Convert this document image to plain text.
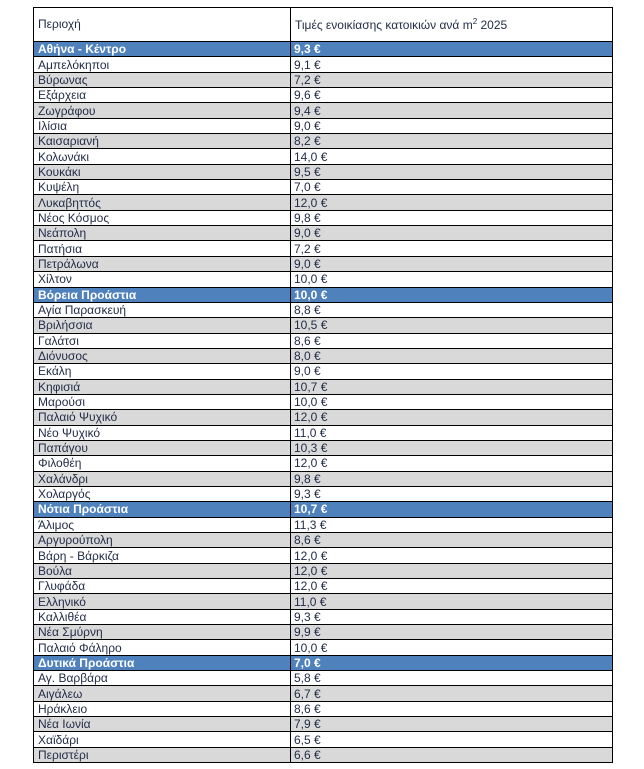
Περιοχή	Τιμές ενοικίασης κατοικιών ανά $m^2$ 2025
Αθήνα - Κέντρο	9,3 €
Αμπελόκηποι	9,1 €
Βύρωνας	7,2 €
Εξάρχεια	9,6 €
Ζωγράφου	9,4 €
Ιλίσια	9,0 €
Καισαριανή	8,2 €
Κολωνάκι	14,0 €
Κουκάκι	9,5 €
Κυψέλη	7,0 €
Λυκαβηττός	12,0 €
Νέος Κόσμος	9,8 €
Νεάπολη	9,0 €
Πατήσια	7,2 €
Πετράλωνα	9,0 €
Χίλτον	10,0 €
Βόρεια Προάστια	10,0 €
Αγία Παρασκευή	8,8 €
Βριλήσσια	10,5 €
Γαλάτσι	8,6 €
Διόνυσος	8,0 €
Εκάλη	9,0 €
Κηφισιά	10,7 €
Μαρούσι	10,0 €
Παλαιό Ψυχικό	12,0 €
Νέο Ψυχικό	11,0 €
Παπάγου	10,3 €
Φιλοθέη	12,0 €
Χαλάνδρι	9,8 €
Χολαργός	9,3 €
Νότια Προάστια	10,7 €
Άλιμος	11,3 €
Αργυρούπολη	8,6 €
Βάρη - Βάρκιζα	12,0 €
Βούλα	12,0 €
Γλυφάδα	12,0 €
Ελληνικό	11,0 €
Καλλιθέα	9,3 €
Νέα Σμύρνη	9,9 €
Παλαιό Φάληρο	10,0 €
Δυτικά Προάστια	7,0 €
Αγ. Βαρβάρα	5,8 €
Αιγάλεω	6,7 €
Ηράκλειο	8,6 €
Νέα Ιωνία	7,9 €
Χαϊδάρι	6,5 €
Περιστέρι	6,6 €
